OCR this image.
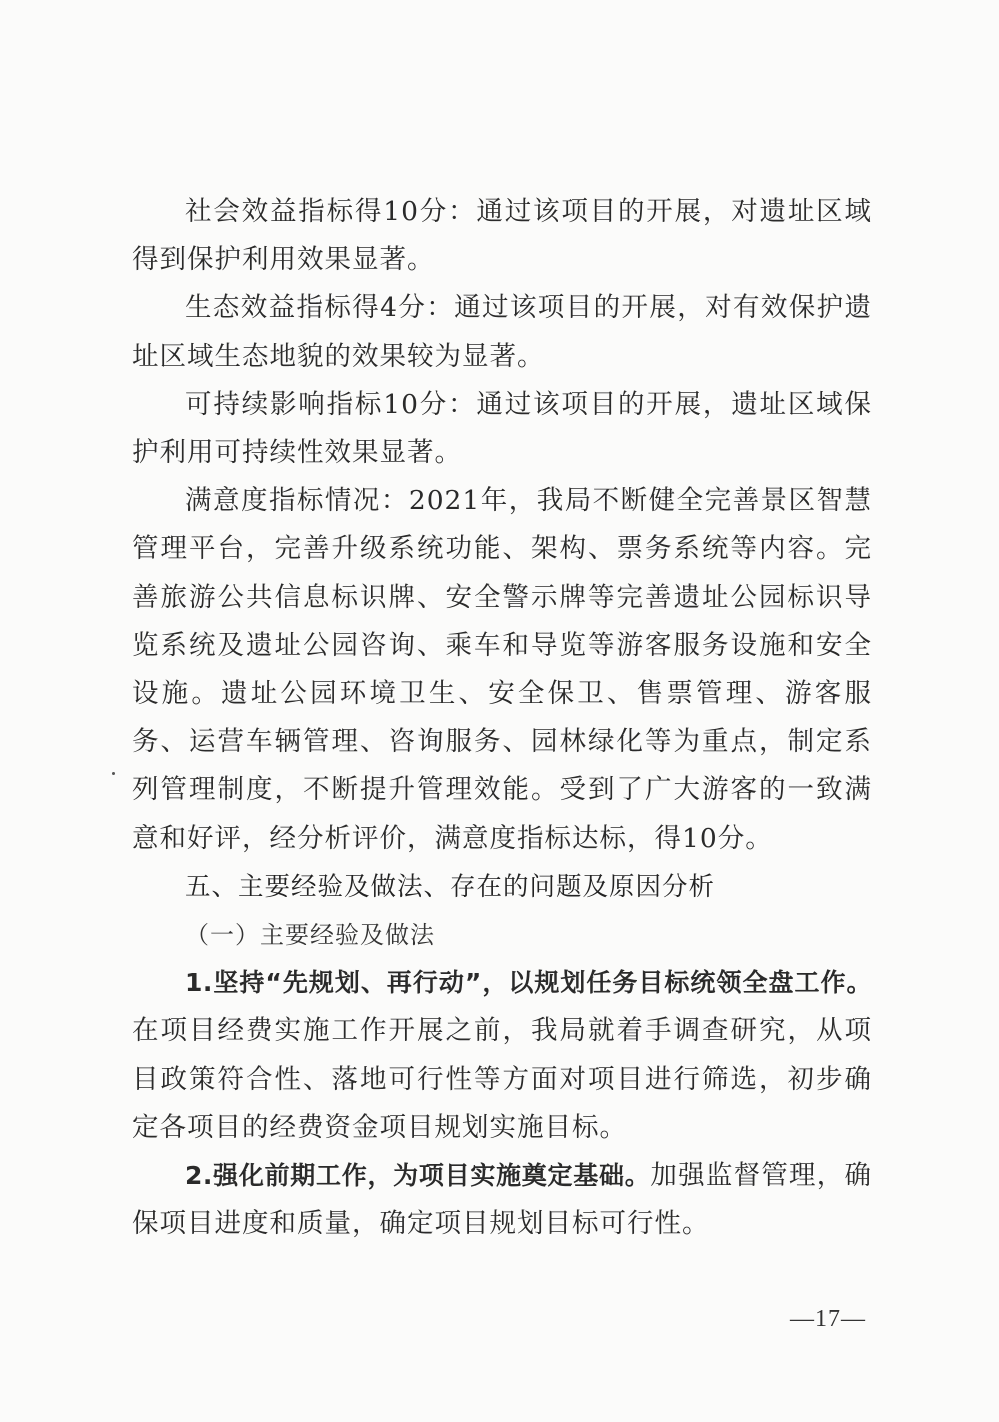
社会效益指标得10分：通过该项目的开展，对遗址区域得到保护利用效果显著。

生态效益指标得4分：通过该项目的开展，对有效保护遗址区域生态地貌的效果较为显著。

可持续影响指标10分：通过该项目的开展，遗址区域保护利用可持续性效果显著。

满意度指标情况：2021年，我局不断健全完善景区智慧管理平台，完善升级系统功能、架构、票务系统等内容。完善旅游公共信息标识牌、安全警示牌等完善遗址公园标识导览系统及遗址公园咨询、乘车和导览等游客服务设施和安全设施。遗址公园环境卫生、安全保卫、售票管理、游客服务、运营车辆管理、咨询服务、园林绿化等为重点，制定系列管理制度，不断提升管理效能。受到了广大游客的一致满意和好评，经分析评价，满意度指标达标，得10分。

五、主要经验及做法、存在的问题及原因分析

（一）主要经验及做法

1.坚持“先规划、再行动”，以规划任务目标统领全盘工作。在项目经费实施工作开展之前，我局就着手调查研究，从项目政策符合性、落地可行性等方面对项目进行筛选，初步确定各项目的经费资金项目规划实施目标。

2.强化前期工作，为项目实施奠定基础。加强监督管理，确保项目进度和质量，确定项目规划目标可行性。

—17—
